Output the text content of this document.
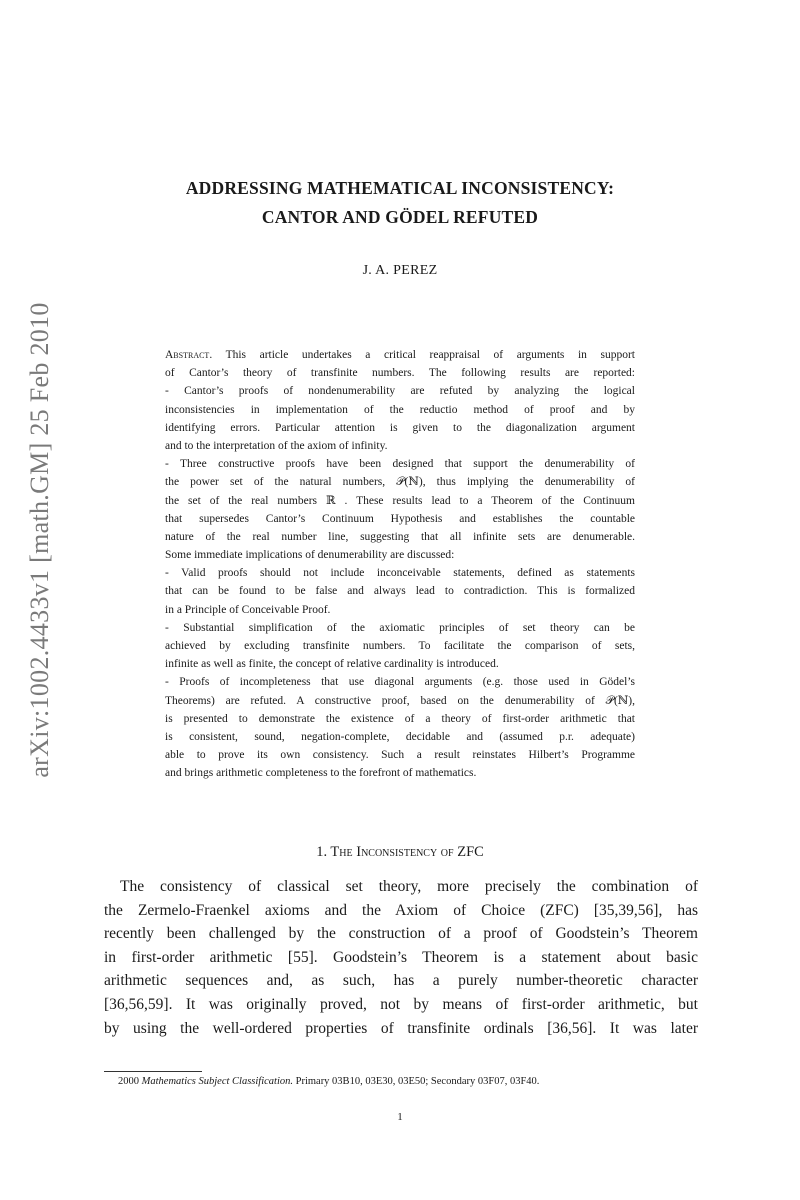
arXiv:1002.4433v1 [math.GM] 25 Feb 2010
ADDRESSING MATHEMATICAL INCONSISTENCY:
CANTOR AND GÖDEL REFUTED
J. A. PEREZ
Abstract. This article undertakes a critical reappraisal of arguments in support
of Cantor’s theory of transfinite numbers. The following results are reported:
- Cantor’s proofs of nondenumerability are refuted by analyzing the logical
inconsistencies in implementation of the reductio method of proof and by
identifying errors. Particular attention is given to the diagonalization argument
and to the interpretation of the axiom of infinity.
- Three constructive proofs have been designed that support the denumerability of
the power set of the natural numbers, 𝒫(ℕ), thus implying the denumerability of
the set of the real numbers ℝ . These results lead to a Theorem of the Continuum
that supersedes Cantor’s Continuum Hypothesis and establishes the countable
nature of the real number line, suggesting that all infinite sets are denumerable.
Some immediate implications of denumerability are discussed:
- Valid proofs should not include inconceivable statements, defined as statements
that can be found to be false and always lead to contradiction. This is formalized
in a Principle of Conceivable Proof.
- Substantial simplification of the axiomatic principles of set theory can be
achieved by excluding transfinite numbers. To facilitate the comparison of sets,
infinite as well as finite, the concept of relative cardinality is introduced.
- Proofs of incompleteness that use diagonal arguments (e.g. those used in Gödel’s
Theorems) are refuted. A constructive proof, based on the denumerability of 𝒫(ℕ),
is presented to demonstrate the existence of a theory of first-order arithmetic that
is consistent, sound, negation-complete, decidable and (assumed p.r. adequate)
able to prove its own consistency. Such a result reinstates Hilbert’s Programme
and brings arithmetic completeness to the forefront of mathematics.
1. The Inconsistency of ZFC
The consistency of classical set theory, more precisely the combination of
the Zermelo-Fraenkel axioms and the Axiom of Choice (ZFC) [35,39,56], has
recently been challenged by the construction of a proof of Goodstein’s Theorem
in first-order arithmetic [55]. Goodstein’s Theorem is a statement about basic
arithmetic sequences and, as such, has a purely number-theoretic character
[36,56,59]. It was originally proved, not by means of first-order arithmetic, but
by using the well-ordered properties of transfinite ordinals [36,56]. It was later
2000 Mathematics Subject Classification. Primary 03B10, 03E30, 03E50; Secondary 03F07, 03F40.
1
